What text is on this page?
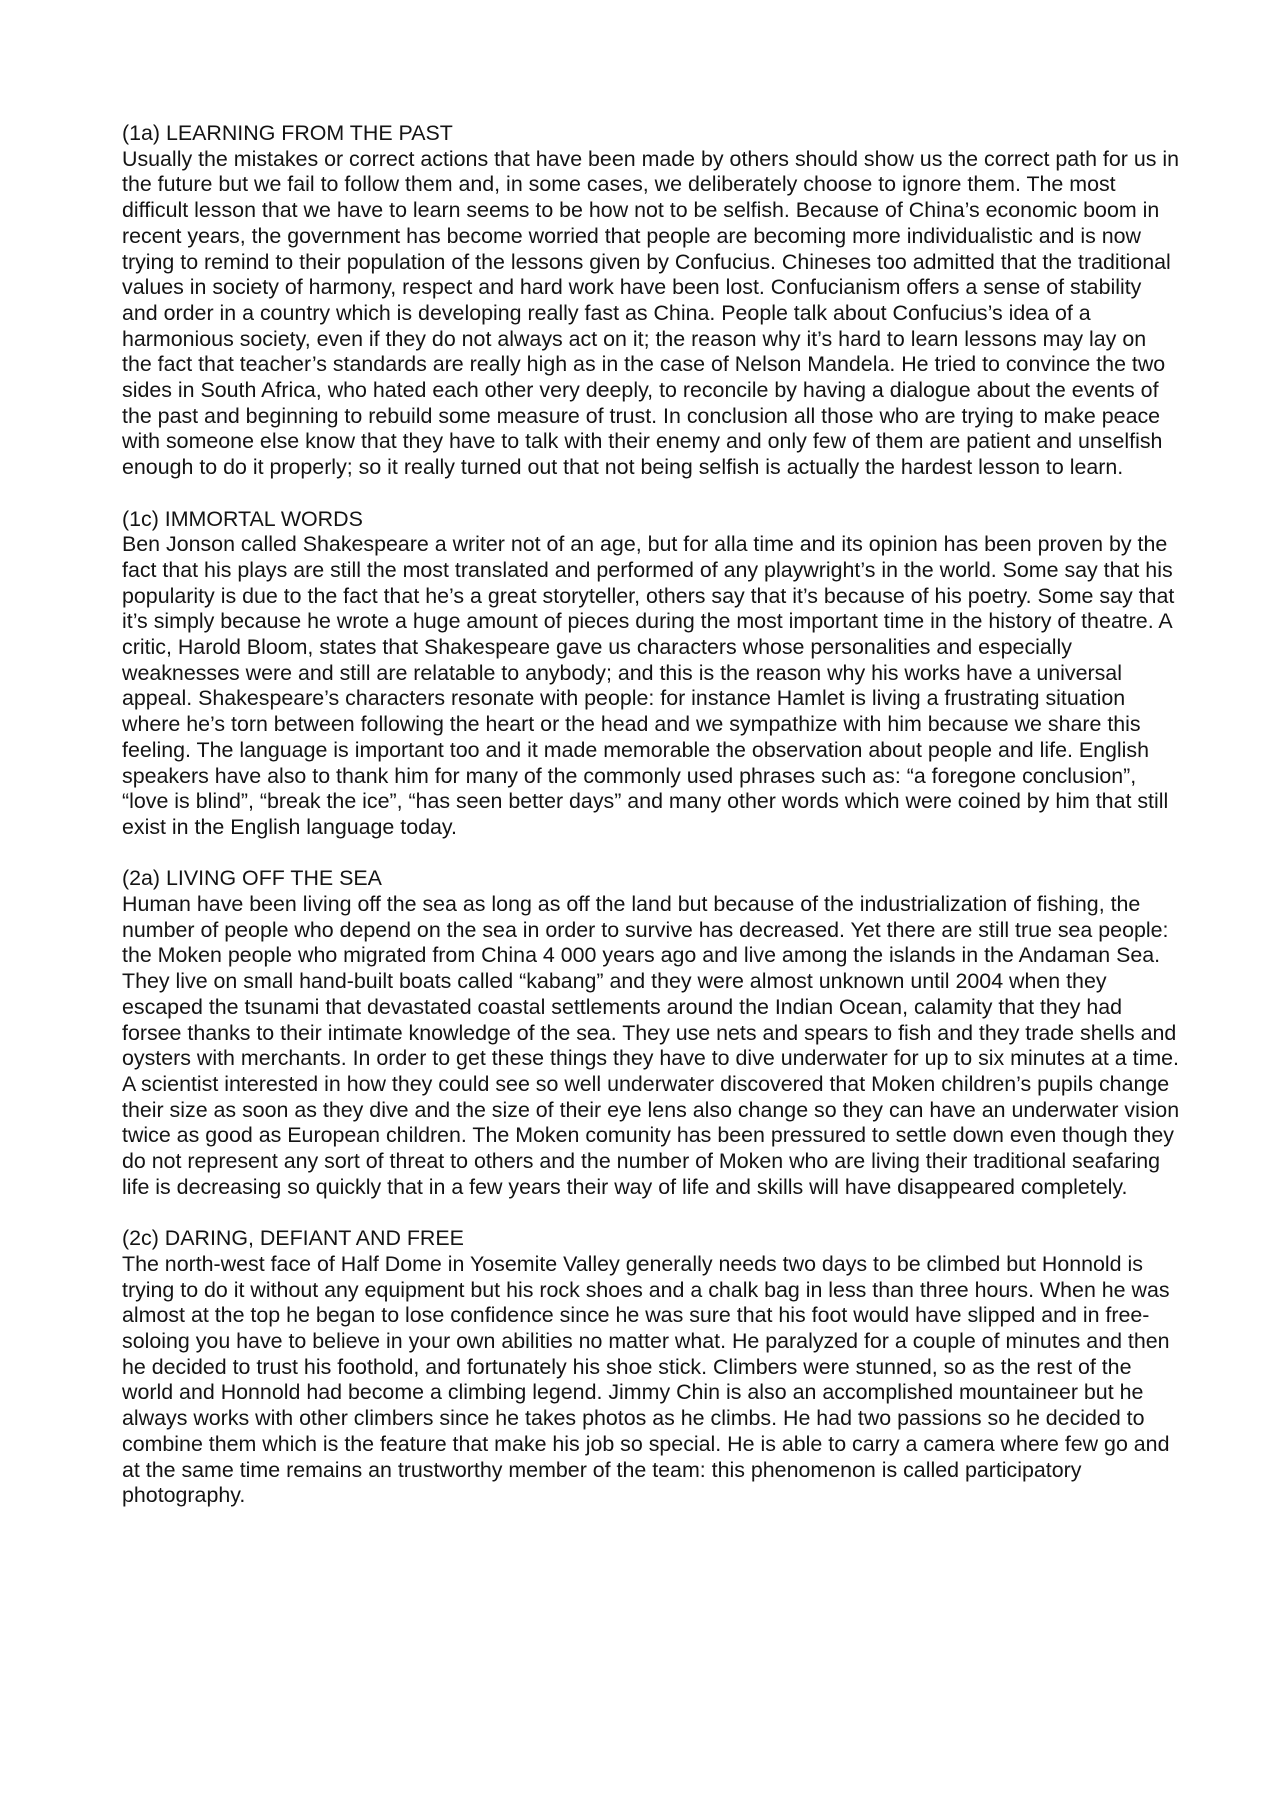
(1a) LEARNING FROM THE PAST

Usually the mistakes or correct actions that have been made by others should show us the correct path for us in the future but we fail to follow them and, in some cases, we deliberately choose to ignore them. The most difficult lesson that we have to learn seems to be how not to be selfish. Because of China’s economic boom in recent years, the government has become worried that people are becoming more individualistic and is now trying to remind to their population of the lessons given by Confucius. Chineses too admitted that the traditional values in society of harmony, respect and hard work have been lost. Confucianism offers a sense of stability and order in a country which is developing really fast as China. People talk about Confucius’s idea of a harmonious society, even if they do not always act on it; the reason why it’s hard to learn lessons may lay on the fact that teacher’s standards are really high as in the case of Nelson Mandela. He tried to convince the two sides in South Africa, who hated each other very deeply, to reconcile by having a dialogue about the events of the past and beginning to rebuild some measure of trust. In conclusion all those who are trying to make peace with someone else know that they have to talk with their enemy and only few of them are patient and unselfish enough to do it properly; so it really turned out that not being selfish is actually the hardest lesson to learn.

(1c) IMMORTAL WORDS

Ben Jonson called Shakespeare a writer not of an age, but for alla time and its opinion has been proven by the fact that his plays are still the most translated and performed of any playwright’s in the world. Some say that his popularity is due to the fact that he’s a great storyteller, others say that it’s because of his poetry. Some say that it’s simply because he wrote a huge amount of pieces during the most important time in the history of theatre. A critic, Harold Bloom, states that Shakespeare gave us characters whose personalities and especially weaknesses were and still are relatable to anybody; and this is the reason why his works have a universal appeal. Shakespeare’s characters resonate with people: for instance Hamlet is living a frustrating situation where he’s torn between following the heart or the head and we sympathize with him because we share this feeling. The language is important too and it made memorable the observation about people and life. English speakers have also to thank him for many of the commonly used phrases such as: “a foregone conclusion”, “love is blind”, “break the ice”, “has seen better days” and many other words which were coined by him that still exist in the English language today.

(2a) LIVING OFF THE SEA

Human have been living off the sea as long as off the land but because of the industrialization of fishing, the number of people who depend on the sea in order to survive has decreased. Yet there are still true sea people: the Moken people who migrated from China 4 000 years ago and live among the islands in the Andaman Sea. They live on small hand-built boats called “kabang” and they were almost unknown until 2004 when they escaped the tsunami that devastated coastal settlements around the Indian Ocean, calamity that they had forsee thanks to their intimate knowledge of the sea. They use nets and spears to fish and they trade shells and oysters with merchants. In order to get these things they have to dive underwater for up to six minutes at a time. A scientist interested in how they could see so well underwater discovered that Moken children’s pupils change their size as soon as they dive and the size of their eye lens also change so they can have an underwater vision twice as good as European children. The Moken comunity has been pressured to settle down even though they do not represent any sort of threat to others and the number of Moken who are living their traditional seafaring life is decreasing so quickly that in a few years their way of life and skills will have disappeared completely.

(2c) DARING, DEFIANT AND FREE

The north-west face of Half Dome in Yosemite Valley generally needs two days to be climbed but Honnold is trying to do it without any equipment but his rock shoes and a chalk bag in less than three hours. When he was almost at the top he began to lose confidence since he was sure that his foot would have slipped and in free-soloing you have to believe in your own abilities no matter what. He paralyzed for a couple of minutes and then he decided to trust his foothold, and fortunately his shoe stick. Climbers were stunned, so as the rest of the world and Honnold had become a climbing legend. Jimmy Chin is also an accomplished mountaineer but he always works with other climbers since he takes photos as he climbs. He had two passions so he decided to combine them which is the feature that make his job so special. He is able to carry a camera where few go and at the same time remains an trustworthy member of the team: this phenomenon is called participatory photography.
